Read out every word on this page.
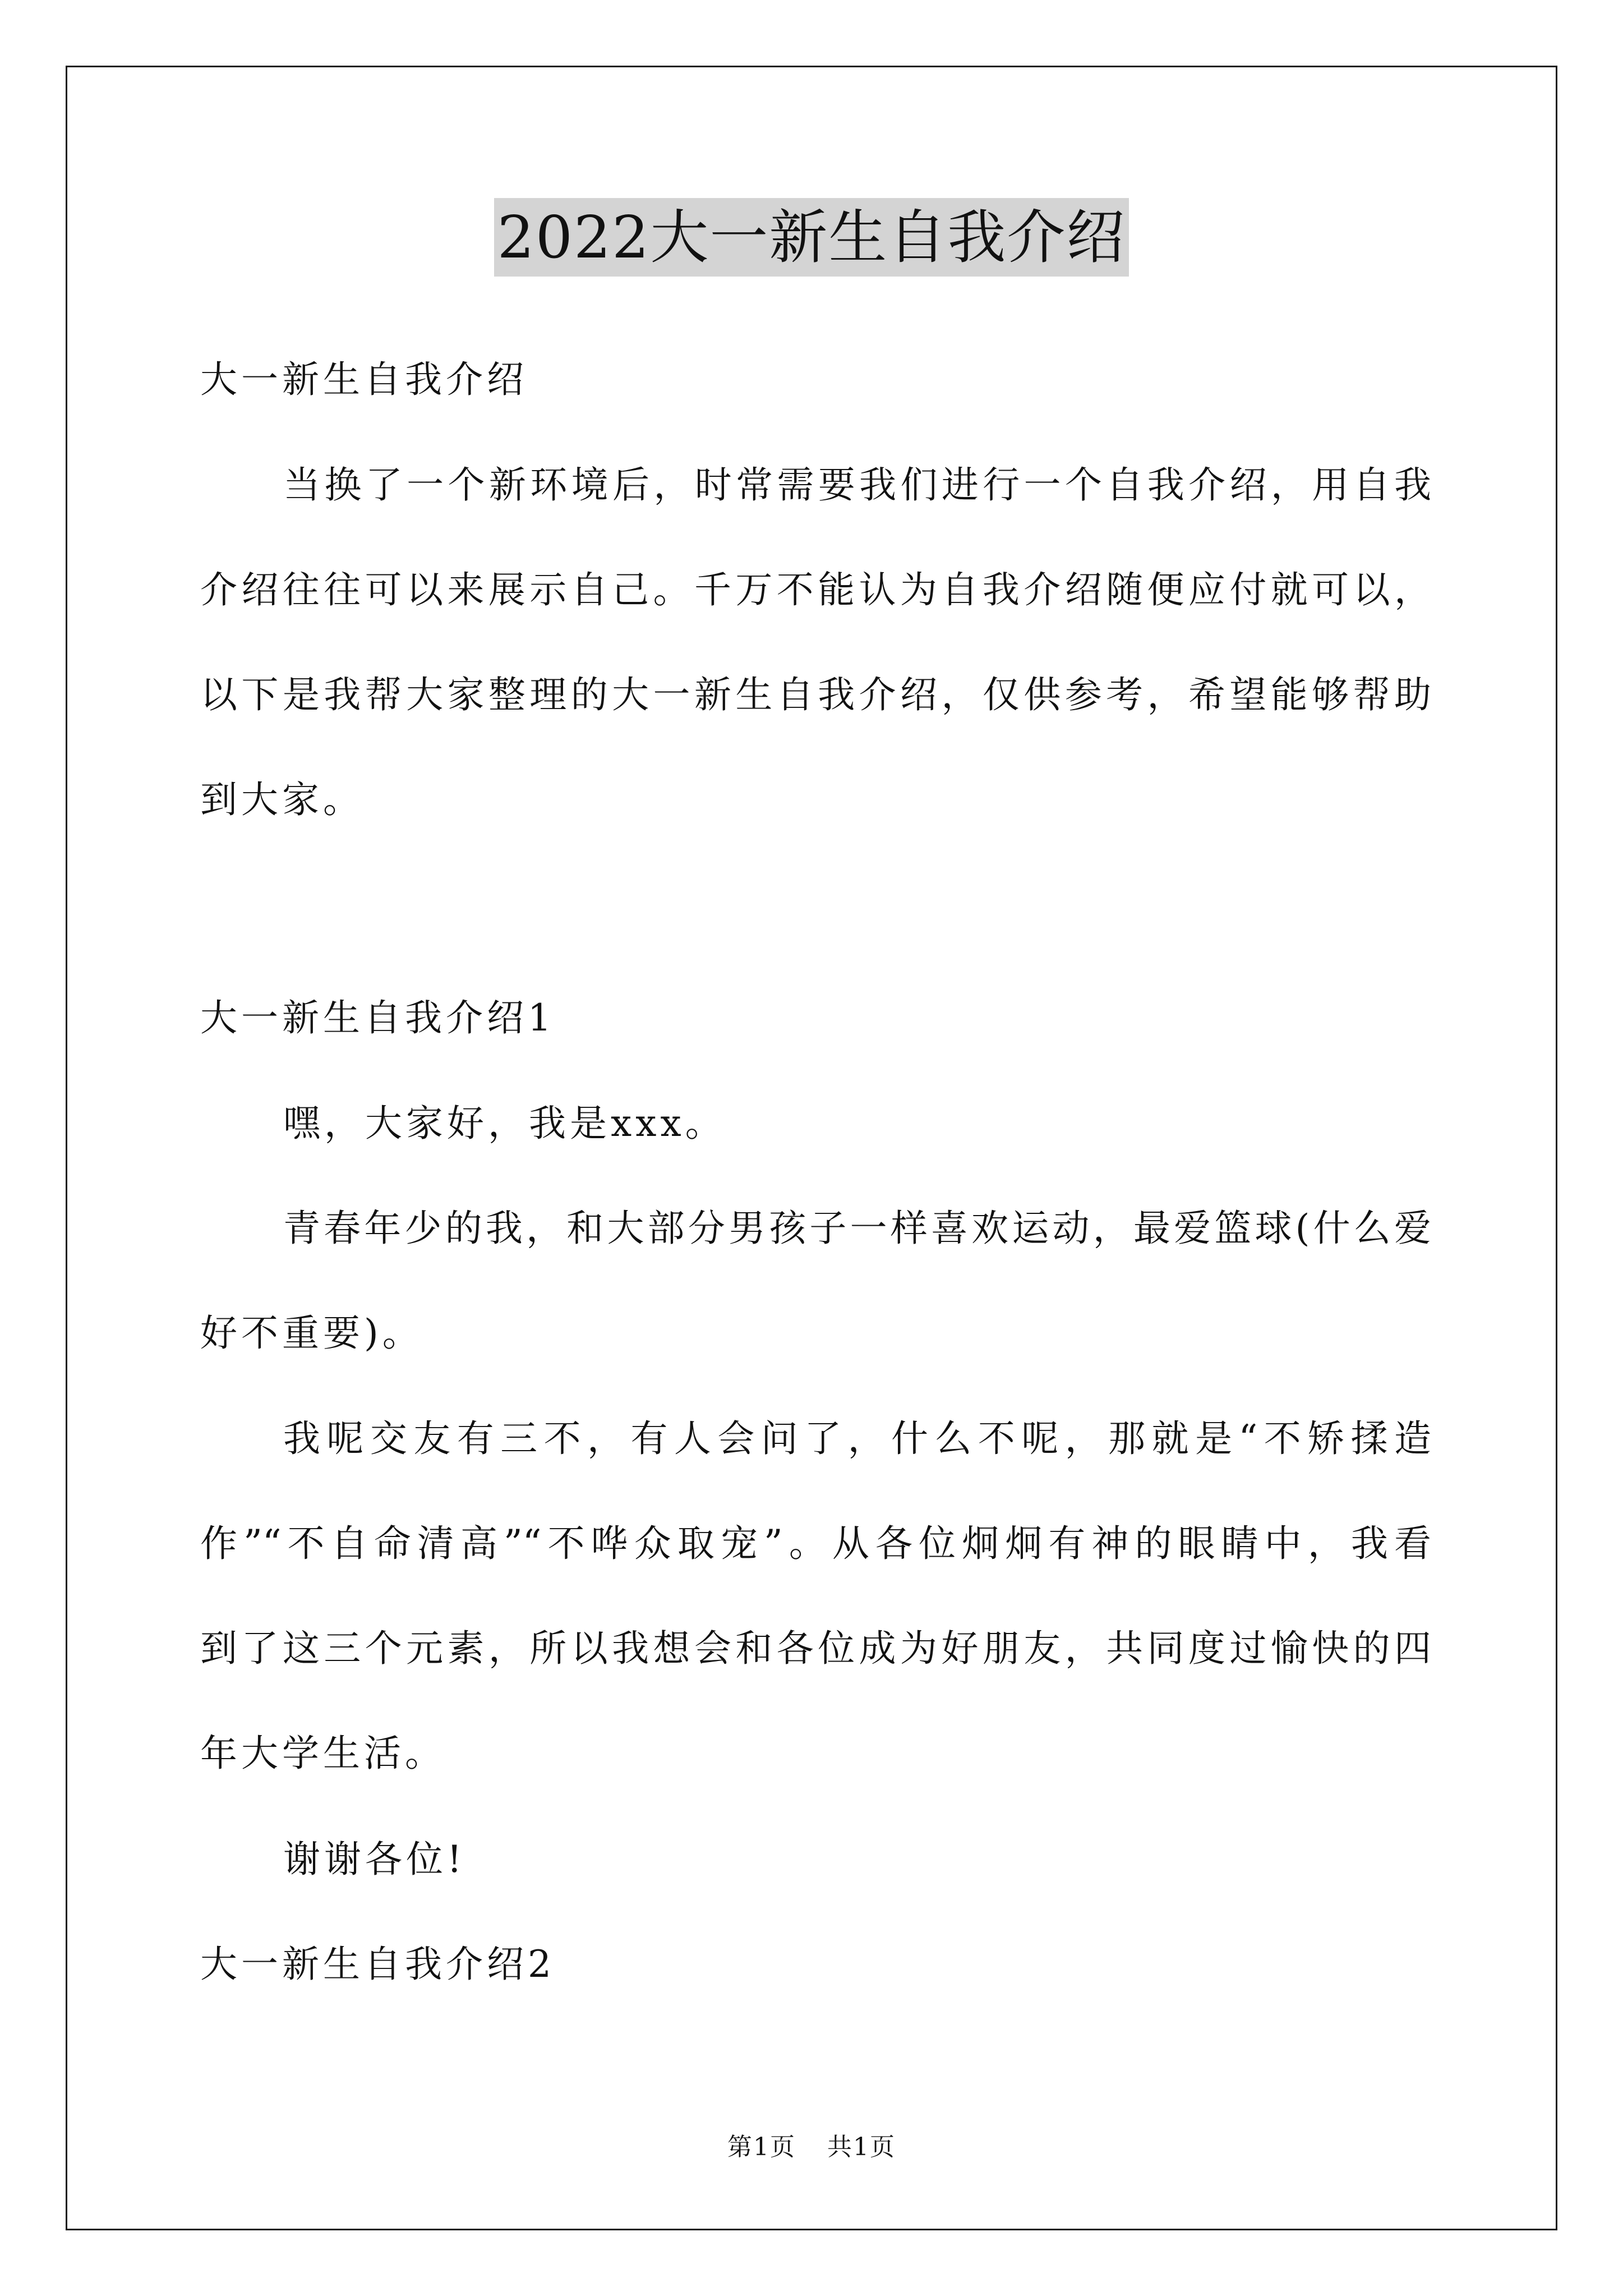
2022大一新生自我介绍
大一新生自我介绍
当换了一个新环境后，时常需要我们进行一个自我介绍，用自我
介绍往往可以来展示自己。千万不能认为自我介绍随便应付就可以，
以下是我帮大家整理的大一新生自我介绍，仅供参考，希望能够帮助
到大家。
大一新生自我介绍1
嘿，大家好，我是xxx。
青春年少的我，和大部分男孩子一样喜欢运动，最爱篮球(什么爱
好不重要)。
我呢交友有三不，有人会问了，什么不呢，那就是“不矫揉造
作”“不自命清高”“不哗众取宠”。从各位炯炯有神的眼睛中，我看
到了这三个元素，所以我想会和各位成为好朋友，共同度过愉快的四
年大学生活。
谢谢各位!
大一新生自我介绍2
第1页 共1页
